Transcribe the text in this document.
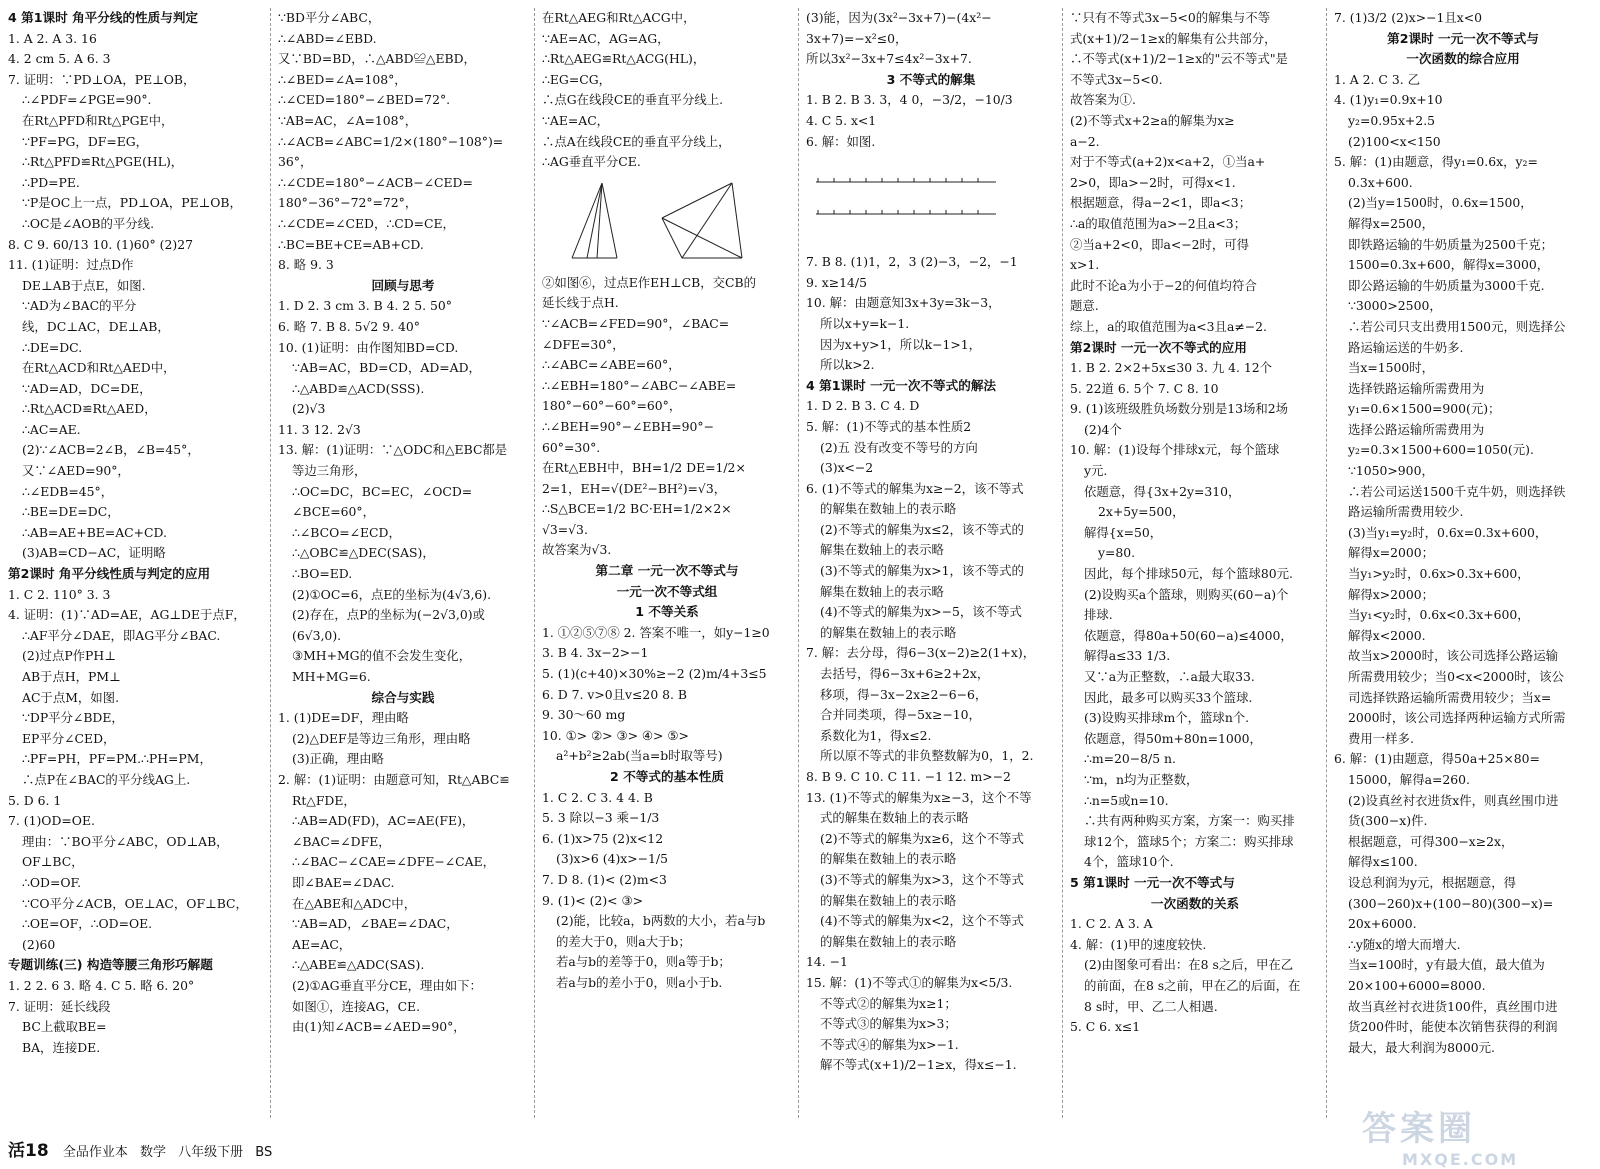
4 第1课时 角平分线的性质与判定
1. A 2. A 3. 16
4. 2 cm 5. A 6. 3
7. 证明：∵PD⊥OA，PE⊥OB，
∴∠PDF=∠PGE=90°.
在Rt△PFD和Rt△PGE中，
∵PF=PG，DF=EG，
∴Rt△PFD≌Rt△PGE(HL)，
∴PD=PE.
∵P是OC上一点，PD⊥OA，PE⊥OB，
∴OC是∠AOB的平分线.
8. C 9. 60/13 10. (1)60° (2)27
11. (1)证明：过点D作
DE⊥AB于点E，如图.
∵AD为∠BAC的平分
线，DC⊥AC，DE⊥AB，
∴DE=DC.
在Rt△ACD和Rt△AED中，
∵AD=AD，DC=DE，
∴Rt△ACD≌Rt△AED，
∴AC=AE.
(2)∵∠ACB=2∠B，∠B=45°，
又∵∠AED=90°，
∴∠EDB=45°，
∴BE=DE=DC，
∴AB=AE+BE=AC+CD.
(3)AB=CD−AC，证明略
第2课时 角平分线性质与判定的应用
1. C 2. 110° 3. 3
4. 证明：(1)∵AD=AE，AG⊥DE于点F，
∴AF平分∠DAE，即AG平分∠BAC.
(2)过点P作PH⊥
AB于点H，PM⊥
AC于点M，如图.
∵DP平分∠BDE，
EP平分∠CED，
∴PF=PH，PF=PM.∴PH=PM，
∴点P在∠BAC的平分线AG上.
5. D 6. 1
7. (1)OD=OE.
理由：∵BO平分∠ABC，OD⊥AB，
OF⊥BC，
∴OD=OF.
∵CO平分∠ACB，OE⊥AC，OF⊥BC，
∴OE=OF，∴OD=OE.
(2)60
专题训练(三) 构造等腰三角形巧解题
1. 2 2. 6 3. 略 4. C 5. 略 6. 20°
7. 证明：延长线段
BC上截取BE=
BA，连接DE.
∵BD平分∠ABC，
∴∠ABD=∠EBD.
又∵BD=BD，∴△ABD≌△EBD，
∴∠BED=∠A=108°，
∴∠CED=180°−∠BED=72°.
∵AB=AC，∠A=108°，
∴∠ACB=∠ABC=1/2×(180°−108°)=
36°，
∴∠CDE=180°−∠ACB−∠CED=
180°−36°−72°=72°，
∴∠CDE=∠CED，∴CD=CE，
∴BC=BE+CE=AB+CD.
8. 略 9. 3
回顾与思考
1. D 2. 3 cm 3. B 4. 2 5. 50°
6. 略 7. B 8. 5√2 9. 40°
10. (1)证明：由作图知BD=CD.
∵AB=AC，BD=CD，AD=AD，
∴△ABD≌△ACD(SSS).
(2)√3
11. 3 12. 2√3
13. 解：(1)证明：∵△ODC和△EBC都是
等边三角形，
∴OC=DC，BC=EC，∠OCD=
∠BCE=60°，
∴∠BCO=∠ECD，
∴△OBC≌△DEC(SAS)，
∴BO=ED.
(2)①OC=6，点E的坐标为(4√3,6).
(2)存在，点P的坐标为(−2√3,0)或
(6√3,0).
③MH+MG的值不会发生变化，
MH+MG=6.
综合与实践
1. (1)DE=DF，理由略
(2)△DEF是等边三角形，理由略
(3)正确，理由略
2. 解：(1)证明：由题意可知，Rt△ABC≌
Rt△FDE，
∴AB=AD(FD)，AC=AE(FE)，
∠BAC=∠DFE，
∴∠BAC−∠CAE=∠DFE−∠CAE，
即∠BAE=∠DAC.
在△ABE和△ADC中，
∵AB=AD，∠BAE=∠DAC，
AE=AC，
∴△ABE≌△ADC(SAS).
(2)①AG垂直平分CE，理由如下：
如图①，连接AG，CE.
由(1)知∠ACB=∠AED=90°，
在Rt△AEG和Rt△ACG中，
∵AE=AC，AG=AG，
∴Rt△AEG≌Rt△ACG(HL)，
∴EG=CG，
∴点G在线段CE的垂直平分线上.
∵AE=AC，
∴点A在线段CE的垂直平分线上，
∴AG垂直平分CE.
②如图⑥，过点E作EH⊥CB，交CB的
延长线于点H.
∵∠ACB=∠FED=90°，∠BAC=
∠DFE=30°，
∴∠ABC=∠ABE=60°，
∴∠EBH=180°−∠ABC−∠ABE=
180°−60°−60°=60°，
∴∠BEH=90°−∠EBH=90°−
60°=30°.
在Rt△EBH中，BH=1/2 DE=1/2×
2=1，EH=√(DE²−BH²)=√3，
∴S△BCE=1/2 BC·EH=1/2×2×
√3=√3.
故答案为√3.
第二章 一元一次不等式与
一元一次不等式组
1 不等关系
1. ①②⑤⑦⑧ 2. 答案不唯一，如y−1≥0
3. B 4. 3x−2>−1
5. (1)(c+40)×30%≥−2 (2)m/4+3≤5
6. D 7. v>0且v≤20 8. B
9. 30～60 mg
10. ①> ②> ③> ④> ⑤>
a²+b²≥2ab(当a=b时取等号)
2 不等式的基本性质
1. C 2. C 3. 4 4. B
5. 3 除以−3 乘−1/3
6. (1)x>75 (2)x<12
(3)x>6 (4)x>−1/5
7. D 8. (1)< (2)m<3
9. (1)< (2)< ③>
(2)能，比较a，b两数的大小，若a与b
的差大于0，则a大于b；
若a与b的差等于0，则a等于b；
若a与b的差小于0，则a小于b.
(3)能，因为(3x²−3x+7)−(4x²−
3x+7)=−x²≤0，
所以3x²−3x+7≤4x²−3x+7.
3 不等式的解集
1. B 2. B 3. 3，4 0，−3/2，−10/3
4. C 5. x<1
6. 解：如图.
7. B 8. (1)1，2，3 (2)−3，−2，−1
9. x≥14/5
10. 解：由题意知3x+3y=3k−3，
所以x+y=k−1.
因为x+y>1，所以k−1>1，
所以k>2.
4 第1课时 一元一次不等式的解法
1. D 2. B 3. C 4. D
5. 解：(1)不等式的基本性质2
(2)五 没有改变不等号的方向
(3)x<−2
6. (1)不等式的解集为x≥−2，该不等式
的解集在数轴上的表示略
(2)不等式的解集为x≤2，该不等式的
解集在数轴上的表示略
(3)不等式的解集为x>1，该不等式的
解集在数轴上的表示略
(4)不等式的解集为x>−5，该不等式
的解集在数轴上的表示略
7. 解：去分母，得6−3(x−2)≥2(1+x)，
去括号，得6−3x+6≥2+2x，
移项，得−3x−2x≥2−6−6，
合并同类项，得−5x≥−10，
系数化为1，得x≤2.
所以原不等式的非负整数解为0，1，2.
8. B 9. C 10. C 11. −1 12. m>−2
13. (1)不等式的解集为x≥−3，这个不等
式的解集在数轴上的表示略
(2)不等式的解集为x≥6，这个不等式
的解集在数轴上的表示略
(3)不等式的解集为x>3，这个不等式
的解集在数轴上的表示略
(4)不等式的解集为x<2，这个不等式
的解集在数轴上的表示略
14. −1
15. 解：(1)不等式①的解集为x<5/3.
不等式②的解集为x≥1；
不等式③的解集为x>3；
不等式④的解集为x>−1.
解不等式(x+1)/2−1≥x，得x≤−1.
∵只有不等式3x−5<0的解集与不等
式(x+1)/2−1≥x的解集有公共部分，
∴不等式(x+1)/2−1≥x的"云不等式"是
不等式3x−5<0.
故答案为①.
(2)不等式x+2≥a的解集为x≥
a−2.
对于不等式(a+2)x<a+2，①当a+
2>0，即a>−2时，可得x<1.
根据题意，得a−2<1，即a<3；
∴a的取值范围为a>−2且a<3；
②当a+2<0，即a<−2时，可得
x>1.
此时不论a为小于−2的何值均符合
题意.
综上，a的取值范围为a<3且a≠−2.
第2课时 一元一次不等式的应用
1. B 2. 2×2+5x≤30 3. 九 4. 12个
5. 22道 6. 5个 7. C 8. 10
9. (1)该班级胜负场数分别是13场和2场
(2)4个
10. 解：(1)设每个排球x元，每个篮球
y元.
依题意，得{3x+2y=310，
2x+5y=500，
解得{x=50，
y=80.
因此，每个排球50元，每个篮球80元.
(2)设购买a个篮球，则购买(60−a)个
排球.
依题意，得80a+50(60−a)≤4000，
解得a≤33 1/3.
又∵a为正整数，∴a最大取33.
因此，最多可以购买33个篮球.
(3)设购买排球m个，篮球n个.
依题意，得50m+80n=1000，
∴m=20−8/5 n.
∵m，n均为正整数，
∴n=5或n=10.
∴共有两种购买方案，方案一：购买排
球12个，篮球5个；方案二：购买排球
4个，篮球10个.
5 第1课时 一元一次不等式与
一次函数的关系
1. C 2. A 3. A
4. 解：(1)甲的速度较快.
(2)由图象可看出：在8 s之后，甲在乙
的前面，在8 s之前，甲在乙的后面，在
8 s时，甲、乙二人相遇.
5. C 6. x≤1
7. (1)3/2 (2)x>−1且x<0
第2课时 一元一次不等式与
一次函数的综合应用
1. A 2. C 3. 乙
4. (1)y₁=0.9x+10
y₂=0.95x+2.5
(2)100<x<150
5. 解：(1)由题意，得y₁=0.6x，y₂=
0.3x+600.
(2)当y=1500时，0.6x=1500，
解得x=2500，
即铁路运输的牛奶质量为2500千克；
1500=0.3x+600，解得x=3000，
即公路运输的牛奶质量为3000千克.
∵3000>2500，
∴若公司只支出费用1500元，则选择公
路运输运送的牛奶多.
当x=1500时，
选择铁路运输所需费用为
y₁=0.6×1500=900(元)；
选择公路运输所需费用为
y₂=0.3×1500+600=1050(元).
∵1050>900，
∴若公司运送1500千克牛奶，则选择铁
路运输所需费用较少.
(3)当y₁=y₂时，0.6x=0.3x+600，
解得x=2000；
当y₁>y₂时，0.6x>0.3x+600，
解得x>2000；
当y₁<y₂时，0.6x<0.3x+600，
解得x<2000.
故当x>2000时，该公司选择公路运输
所需费用较少；当0<x<2000时，该公
司选择铁路运输所需费用较少；当x=
2000时，该公司选择两种运输方式所需
费用一样多.
6. 解：(1)由题意，得50a+25×80=
15000，解得a=260.
(2)设真丝衬衣进货x件，则真丝围巾进
货(300−x)件.
根据题意，可得300−x≥2x，
解得x≤100.
设总利润为y元，根据题意，得
(300−260)x+(100−80)(300−x)=
20x+6000.
∴y随x的增大而增大.
当x=100时，y有最大值，最大值为
20×100+6000=8000.
故当真丝衬衣进货100件，真丝围巾进
货200件时，能使本次销售获得的利润
最大，最大利润为8000元.
活18 全品作业本 数学 八年级下册 BS
答案圈
MXQE.COM
